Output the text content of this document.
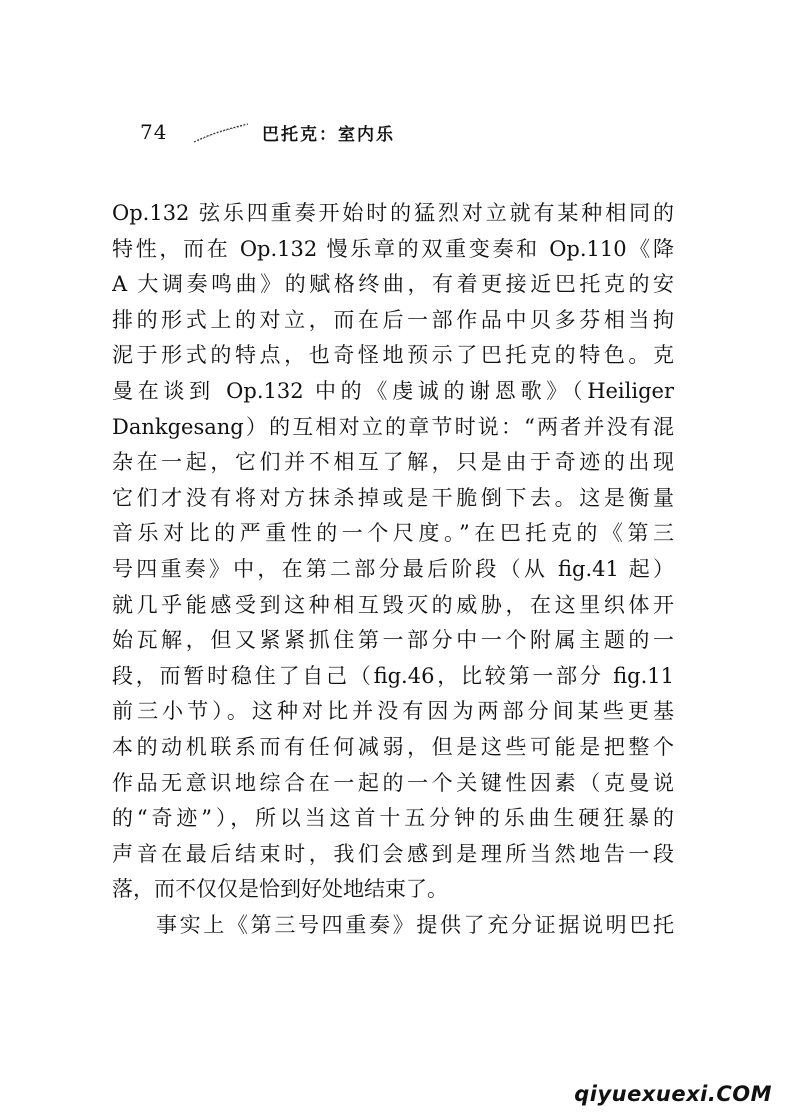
74	巴托克：室内乐
Op.132 弦乐四重奏开始时的猛烈对立就有某种相同的
特性，而在 Op.132 慢乐章的双重变奏和 Op.110《降
A 大调奏鸣曲》的赋格终曲，有着更接近巴托克的安
排的形式上的对立，而在后一部作品中贝多芬相当拘
泥于形式的特点，也奇怪地预示了巴托克的特色。克
曼在谈到 Op.132 中的《虔诚的谢恩歌》（Heiliger
Dankgesang）的互相对立的章节时说：“两者并没有混
杂在一起，它们并不相互了解，只是由于奇迹的出现
它们才没有将对方抹杀掉或是干脆倒下去。这是衡量
音乐对比的严重性的一个尺度。”在巴托克的《第三
号四重奏》中，在第二部分最后阶段（从 fig.41 起）
就几乎能感受到这种相互毁灭的威胁，在这里织体开
始瓦解，但又紧紧抓住第一部分中一个附属主题的一
段，而暂时稳住了自己（fig.46，比较第一部分 fig.11
前三小节）。这种对比并没有因为两部分间某些更基
本的动机联系而有任何减弱，但是这些可能是把整个
作品无意识地综合在一起的一个关键性因素（克曼说
的“奇迹”），所以当这首十五分钟的乐曲生硬狂暴的
声音在最后结束时，我们会感到是理所当然地告一段
落，而不仅仅是恰到好处地结束了。
事实上《第三号四重奏》提供了充分证据说明巴托
qiyuexuexi.COM
